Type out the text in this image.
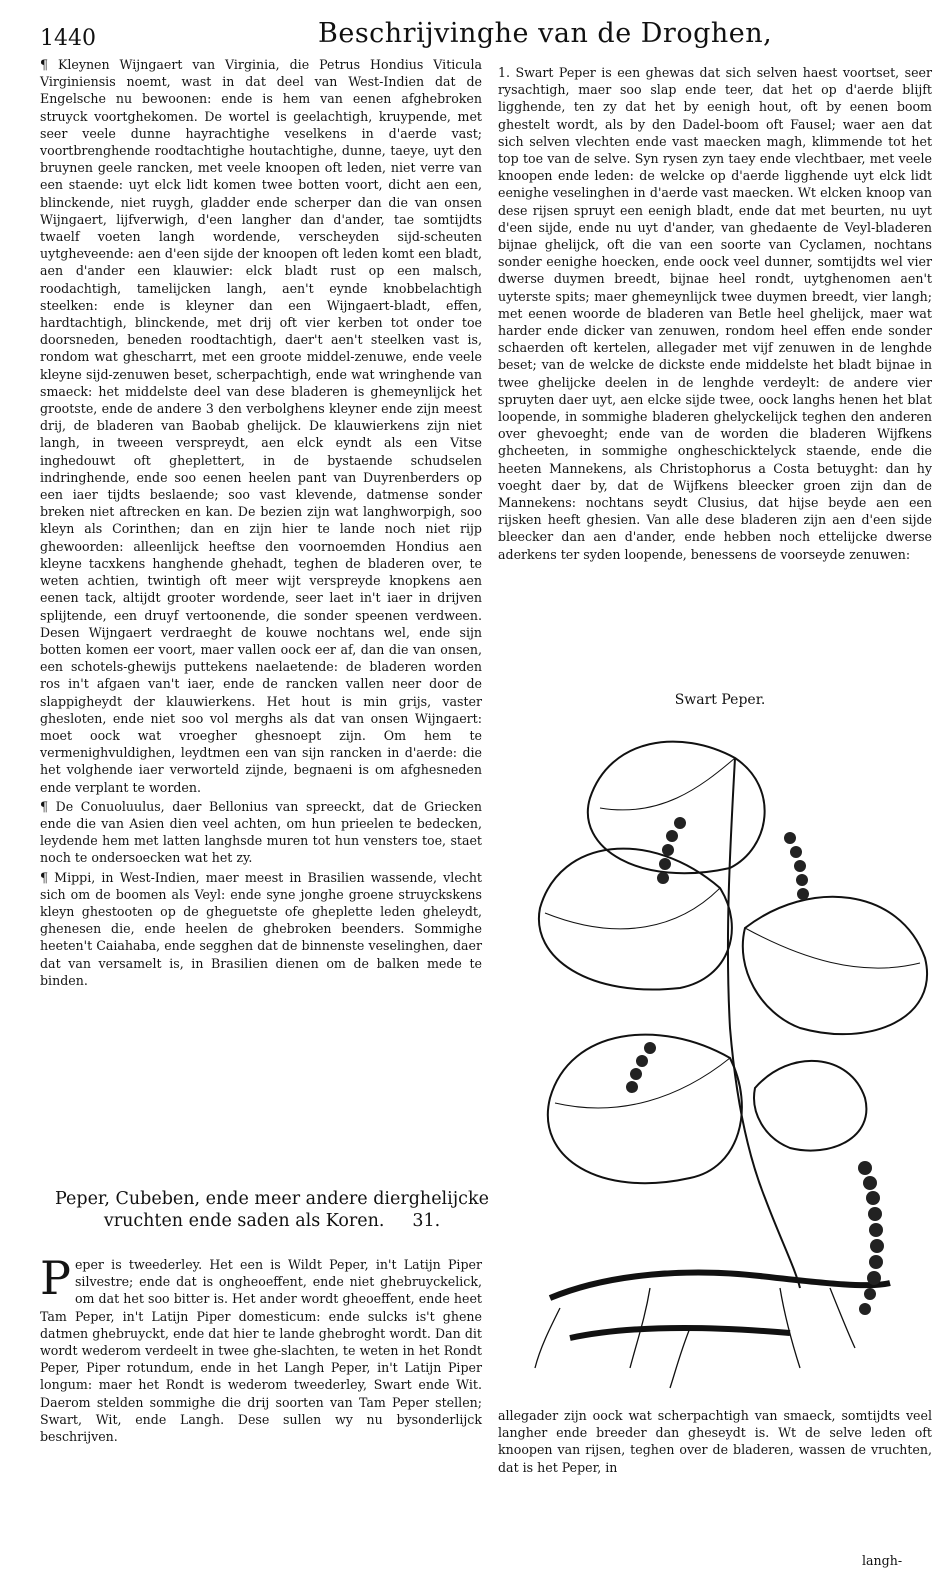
1440	Beschrijvinghe van de Droghen,

¶ Kleynen Wijngaert van Virginia, die Petrus Hondius Viticula Virginiensis noemt, wast in dat deel van West-Indien dat de Engelsche nu bewoonen: ende is hem van eenen afghebroken struyck voortghekomen. De wortel is geelachtigh, kruypende, met seer veele dunne hayrachtighe veselkens in d'aerde vast; voortbrenghende roodtachtighe houtachtighe, dunne, taeye, uyt den bruynen geele rancken, met veele knoopen oft leden, niet verre van een staende: uyt elck lidt komen twee botten voort, dicht aen een, blinckende, niet ruygh, gladder ende scherper dan die van onsen Wijngaert, lijfverwigh, d'een langher dan d'ander, tae somtijdts twaelf voeten langh wordende, verscheyden sijd-scheuten uytgheveende: aen d'een sijde der knoopen oft leden komt een bladt, aen d'ander een klauwier: elck bladt rust op een malsch, roodachtigh, tamelijcken langh, aen't eynde knobbelachtigh steelken: ende is kleyner dan een Wijngaert-bladt, effen, hardtachtigh, blinckende, met drij oft vier kerben tot onder toe doorsneden, beneden roodtachtigh, daer't aen't steelken vast is, rondom wat ghescharrt, met een groote middel-zenuwe, ende veele kleyne sijd-zenuwen beset, scherpachtigh, ende wat wringhende van smaeck: het middelste deel van dese bladeren is ghemeynlijck het grootste, ende de andere 3 den verbolghens kleyner ende zijn meest drij, de bladeren van Baobab ghelijck. De klauwierkens zijn niet langh, in tweeen verspreydt, aen elck eyndt als een Vitse inghedouwt oft gheplettert, in de bystaende schudselen indringhende, ende soo eenen heelen pant van Duyrenberders op een iaer tijdts beslaende; soo vast klevende, datmense sonder breken niet aftrecken en kan. De bezien zijn wat langhworpigh, soo kleyn als Corinthen; dan en zijn hier te lande noch niet rijp ghewoorden: alleenlijck heeftse den voornoemden Hondius aen kleyne tacxkens hanghende ghehadt, teghen de bladeren over, te weten achtien, twintigh oft meer wijt verspreyde knopkens aen eenen tack, altijdt grooter wordende, seer laet in't iaer in drijven splijtende, een druyf vertoonende, die sonder speenen verdween. Desen Wijngaert verdraeght de kouwe nochtans wel, ende sijn botten komen eer voort, maer vallen oock eer af, dan die van onsen, een schotels-ghewijs puttekens naelaetende: de bladeren worden ros in't afgaen van't iaer, ende de rancken vallen neer door de slappigheydt der klauwierkens. Het hout is min grijs, vaster ghesloten, ende niet soo vol merghs als dat van onsen Wijngaert: moet oock wat vroegher ghesnoept zijn. Om hem te vermenighvuldighen, leydtmen een van sijn rancken in d'aerde: die het volghende iaer verworteld zijnde, begnaeni is om afghesneden ende verplant te worden.

¶ De Conuoluulus, daer Bellonius van spreeckt, dat de Griecken ende die van Asien dien veel achten, om hun prieelen te bedecken, leydende hem met latten langhsde muren tot hun vensters toe, staet noch te ondersoecken wat het zy.

¶ Mippi, in West-Indien, maer meest in Brasilien wassende, vlecht sich om de boomen als Veyl: ende syne jonghe groene struyckskens kleyn ghestooten op de gheguetste ofe gheplette leden gheleydt, ghenesen die, ende heelen de ghebroken beenders. Sommighe heeten't Caiahaba, ende segghen dat de binnenste veselinghen, daer dat van versamelt is, in Brasilien dienen om de balken mede te binden.

Peper, Cubeben, ende meer andere dierghelijcke
vruchten ende saden als Koren. 31.
P eper is tweederley. Het een is Wildt Peper, in't Latijn Piper silvestre; ende dat is ongheoeffent, ende niet ghebruyckelick, om dat het soo bitter is. Het ander wordt gheoeffent, ende heet Tam Peper, in't Latijn Piper domesticum: ende sulcks is't ghene datmen ghebruyckt, ende dat hier te lande ghebroght wordt. Dan dit wordt wederom verdeelt in twee ghe-slachten, te weten in het Rondt Peper, Piper rotundum, ende in het Langh Peper, in't Latijn Piper longum: maer het Rondt is wederom tweederley, Swart ende Wit. Daerom stelden sommighe die drij soorten van Tam Peper stellen; Swart, Wit, ende Langh. Dese sullen wy nu bysonderlijck beschrijven.

1. Swart Peper is een ghewas dat sich selven haest voortset, seer rysachtigh, maer soo slap ende teer, dat het op d'aerde blijft ligghende, ten zy dat het by eenigh hout, oft by eenen boom ghestelt wordt, als by den Dadel-boom oft Fausel; waer aen dat sich selven vlechten ende vast maecken magh, klimmende tot het top toe van de selve. Syn rysen zyn taey ende vlechtbaer, met veele knoopen ende leden: de welcke op d'aerde ligghende uyt elck lidt eenighe veselinghen in d'aerde vast maecken. Wt elcken knoop van dese rijsen spruyt een eenigh bladt, ende dat met beurten, nu uyt d'een sijde, ende nu uyt d'ander, van ghedaente de Veyl-bladeren bijnae ghelijck, oft die van een soorte van Cyclamen, nochtans sonder eenighe hoecken, ende oock veel dunner, somtijdts wel vier dwerse duymen breedt, bijnae heel rondt, uytghenomen aen't uyterste spits; maer ghemeynlijck twee duymen breedt, vier langh; met eenen woorde de bladeren van Betle heel ghelijck, maer wat harder ende dicker van zenuwen, rondom heel effen ende sonder schaerden oft kertelen, allegader met vijf zenuwen in de lenghde beset; van de welcke de dickste ende middelste het bladt bijnae in twee ghelijcke deelen in de lenghde verdeylt: de andere vier spruyten daer uyt, aen elcke sijde twee, oock langhs henen het blat loopende, in sommighe bladeren ghelyckelijck teghen den anderen over ghevoeght; ende van de worden die bladeren Wijfkens ghcheeten, in sommighe ongheschicktelyck staende, ende die heeten Mannekens, als Christophorus a Costa betuyght: dan hy voeght daer by, dat de Wijfkens bleecker groen zijn dan de Mannekens: nochtans seydt Clusius, dat hijse beyde aen een rijsken heeft ghesien. Van alle dese bladeren zijn aen d'een sijde bleecker dan aen d'ander, ende hebben noch ettelijcke dwerse aderkens ter syden loopende, benessens de voorseyde zenuwen:

Swart Peper.

allegader zijn oock wat scherpachtigh van smaeck, somtijdts veel langher ende breeder dan gheseydt is. Wt de selve leden oft knoopen van rijsen, teghen over de bladeren, wassen de vruchten, dat is het Peper, in

langh-
